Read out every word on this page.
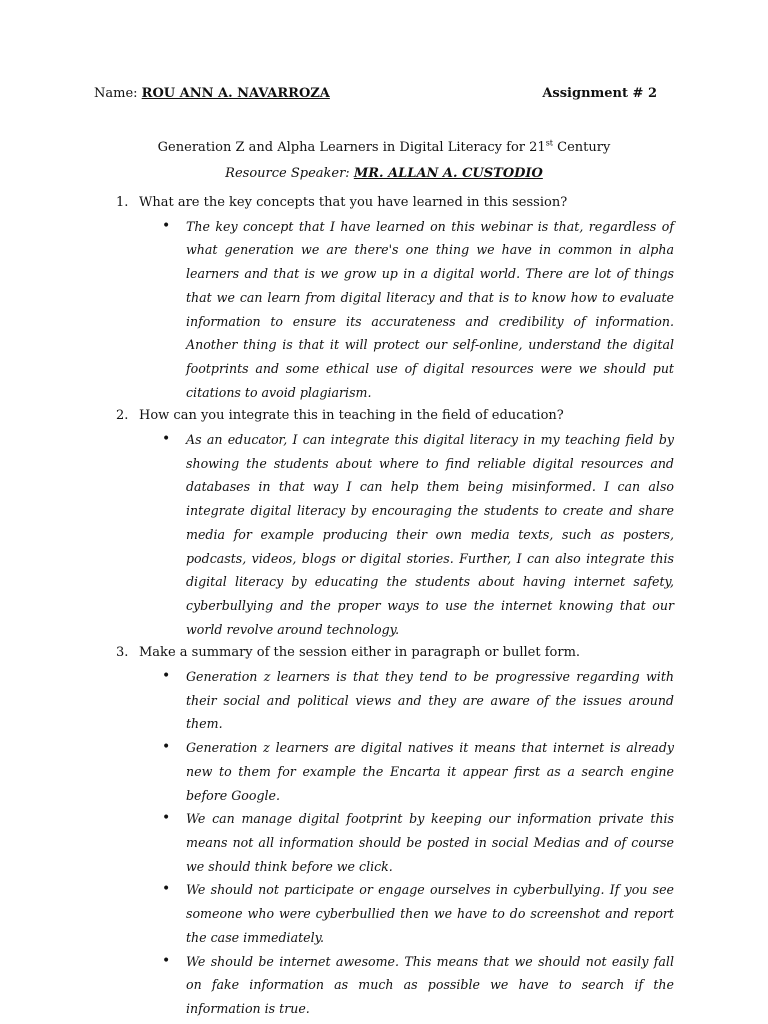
Name: ROU ANN A. NAVARROZA	Assignment # 2
Generation Z and Alpha Learners in Digital Literacy for 21st Century
Resource Speaker: MR. ALLAN A. CUSTODIO
1. What are the key concepts that you have learned in this session?
• The key concept that I have learned on this webinar is that, regardless of what generation we are there's one thing we have in common in alpha learners and that is we grow up in a digital world. There are lot of things that we can learn from digital literacy and that is to know how to evaluate information to ensure its accurateness and credibility of information. Another thing is that it will protect our self-online, understand the digital footprints and some ethical use of digital resources were we should put citations to avoid plagiarism.
2. How can you integrate this in teaching in the field of education?
• As an educator, I can integrate this digital literacy in my teaching field by showing the students about where to find reliable digital resources and databases in that way I can help them being misinformed. I can also integrate digital literacy by encouraging the students to create and share media for example producing their own media texts, such as posters, podcasts, videos, blogs or digital stories. Further, I can also integrate this digital literacy by educating the students about having internet safety, cyberbullying and the proper ways to use the internet knowing that our world revolve around technology.
3. Make a summary of the session either in paragraph or bullet form.
• Generation z learners is that they tend to be progressive regarding with their social and political views and they are aware of the issues around them.
• Generation z learners are digital natives it means that internet is already new to them for example the Encarta it appear first as a search engine before Google.
• We can manage digital footprint by keeping our information private this means not all information should be posted in social Medias and of course we should think before we click.
• We should not participate or engage ourselves in cyberbullying. If you see someone who were cyberbullied then we have to do screenshot and report the case immediately.
• We should be internet awesome. This means that we should not easily fall on fake information as much as possible we have to search if the information is true.
